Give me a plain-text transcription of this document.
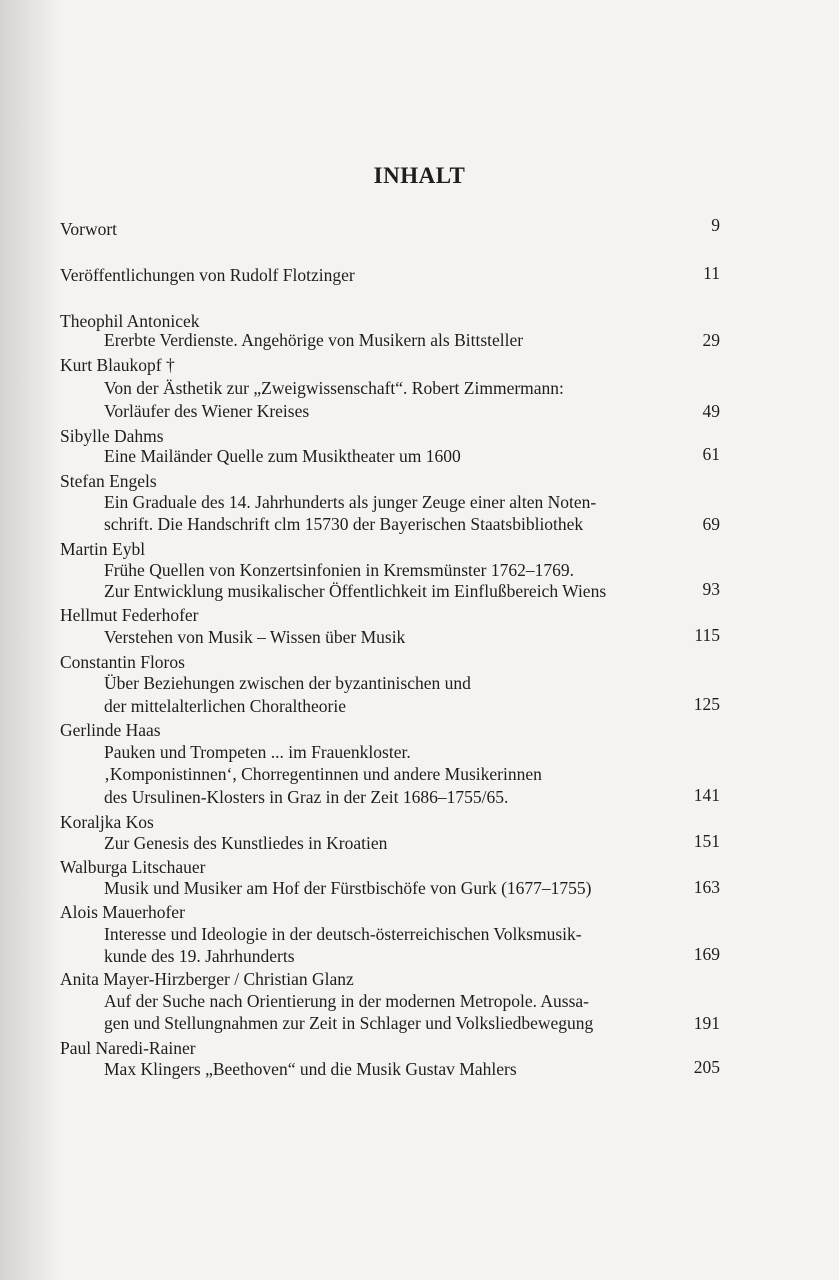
INHALT
Vorwort	9
Veröffentlichungen von Rudolf Flotzinger	11
Theophil Antonicek
Ererbte Verdienste. Angehörige von Musikern als Bittsteller	29
Kurt Blaukopf †
Von der Ästhetik zur „Zweigwissenschaft“. Robert Zimmermann:
Vorläufer des Wiener Kreises	49
Sibylle Dahms
Eine Mailänder Quelle zum Musiktheater um 1600	61
Stefan Engels
Ein Graduale des 14. Jahrhunderts als junger Zeuge einer alten Noten-
schrift. Die Handschrift clm 15730 der Bayerischen Staatsbibliothek	69
Martin Eybl
Frühe Quellen von Konzertsinfonien in Kremsmünster 1762–1769.
Zur Entwicklung musikalischer Öffentlichkeit im Einflußbereich Wiens	93
Hellmut Federhofer
Verstehen von Musik – Wissen über Musik	115
Constantin Floros
Über Beziehungen zwischen der byzantinischen und
der mittelalterlichen Choraltheorie	125
Gerlinde Haas
Pauken und Trompeten ... im Frauenkloster.
‚Komponistinnen‘, Chorregentinnen und andere Musikerinnen
des Ursulinen-Klosters in Graz in der Zeit 1686–1755/65.	141
Koraljka Kos
Zur Genesis des Kunstliedes in Kroatien	151
Walburga Litschauer
Musik und Musiker am Hof der Fürstbischöfe von Gurk (1677–1755)	163
Alois Mauerhofer
Interesse und Ideologie in der deutsch-österreichischen Volksmusik-
kunde des 19. Jahrhunderts	169
Anita Mayer-Hirzberger / Christian Glanz
Auf der Suche nach Orientierung in der modernen Metropole. Aussa-
gen und Stellungnahmen zur Zeit in Schlager und Volksliedbewegung	191
Paul Naredi-Rainer
Max Klingers „Beethoven“ und die Musik Gustav Mahlers	205
